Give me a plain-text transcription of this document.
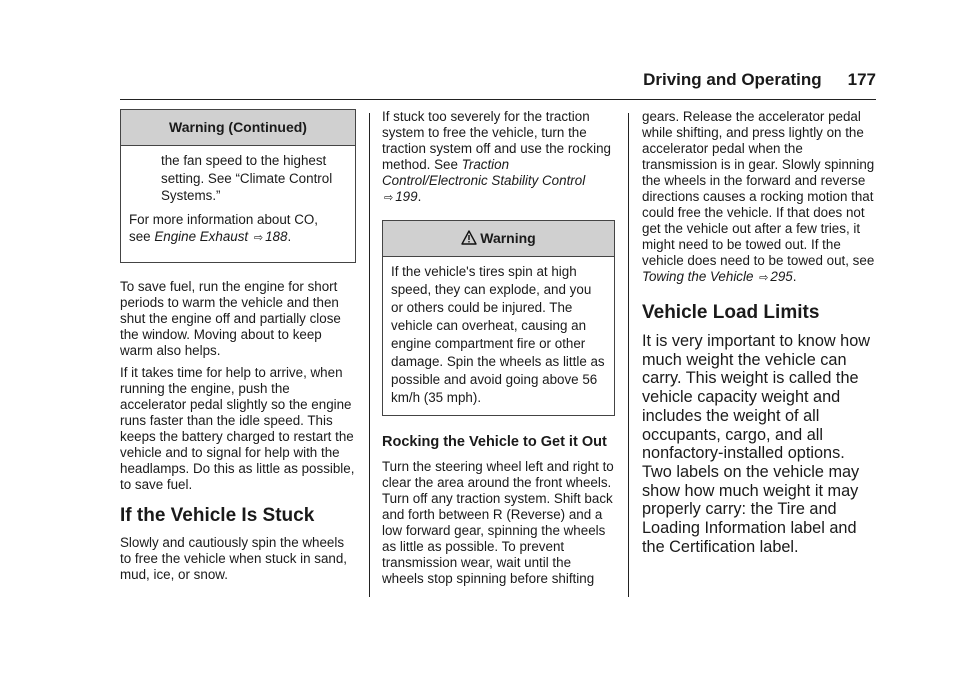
Driving and Operating 177
Warning (Continued)

the fan speed to the highest setting. See “Climate Control Systems.”

For more information about CO,
see Engine Exhaust ⇨ 188.

To save fuel, run the engine for short periods to warm the vehicle and then shut the engine off and partially close the window. Moving about to keep warm also helps.

If it takes time for help to arrive, when running the engine, push the accelerator pedal slightly so the engine runs faster than the idle speed. This keeps the battery charged to restart the vehicle and to signal for help with the headlamps. Do this as little as possible, to save fuel.

If the Vehicle Is Stuck

Slowly and cautiously spin the wheels to free the vehicle when stuck in sand, mud, ice, or snow.

If stuck too severely for the traction system to free the vehicle, turn the traction system off and use the rocking method. See Traction Control/Electronic Stability Control ⇨ 199.

Warning
If the vehicle's tires spin at high speed, they can explode, and you or others could be injured. The vehicle can overheat, causing an engine compartment fire or other damage. Spin the wheels as little as possible and avoid going above 56 km/h (35 mph).
Rocking the Vehicle to Get it Out

Turn the steering wheel left and right to clear the area around the front wheels. Turn off any traction system. Shift back and forth between R (Reverse) and a low forward gear, spinning the wheels as little as possible. To prevent transmission wear, wait until the wheels stop spinning before shifting

gears. Release the accelerator pedal while shifting, and press lightly on the accelerator pedal when the transmission is in gear. Slowly spinning the wheels in the forward and reverse directions causes a rocking motion that could free the vehicle. If that does not get the vehicle out after a few tries, it might need to be towed out. If the vehicle does need to be towed out, see Towing the Vehicle ⇨ 295.

Vehicle Load Limits

It is very important to know how much weight the vehicle can carry. This weight is called the vehicle capacity weight and includes the weight of all occupants, cargo, and all nonfactory-installed options. Two labels on the vehicle may show how much weight it may properly carry: the Tire and Loading Information label and the Certification label.
